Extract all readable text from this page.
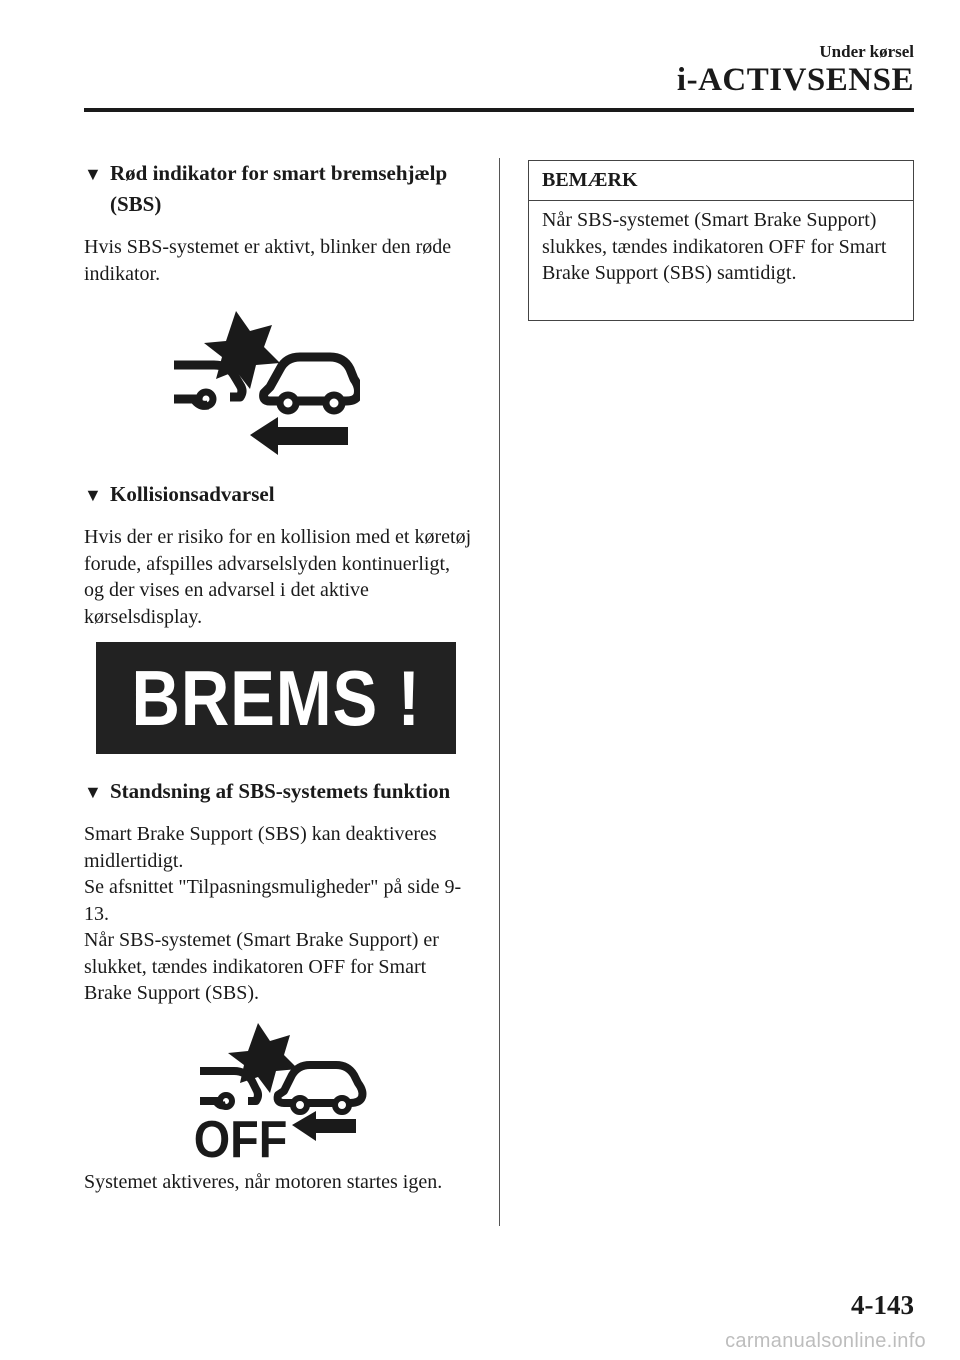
Under kørsel
i-ACTIVSENSE
▼ Rød indikator for smart bremsehjælp (SBS)

Hvis SBS-systemet er aktivt, blinker den røde indikator.

▼ Kollisionsadvarsel

Hvis der er risiko for en kollision med et køretøj forude, afspilles advarselslyden kontinuerligt, og der vises en advarsel i det aktive kørselsdisplay.

BREMS !
▼ Standsning af SBS-systemets funktion

Smart Brake Support (SBS) kan deaktiveres midlertidigt.

Se afsnittet "Tilpasningsmuligheder" på side 9-13.

Når SBS-systemet (Smart Brake Support) er slukket, tændes indikatoren OFF for Smart Brake Support (SBS).

OFF

Systemet aktiveres, når motoren startes igen.

BEMÆRK
Når SBS-systemet (Smart Brake Support) slukkes, tændes indikatoren OFF for Smart Brake Support (SBS) samtidigt.
4-143
carmanualsonline.info
